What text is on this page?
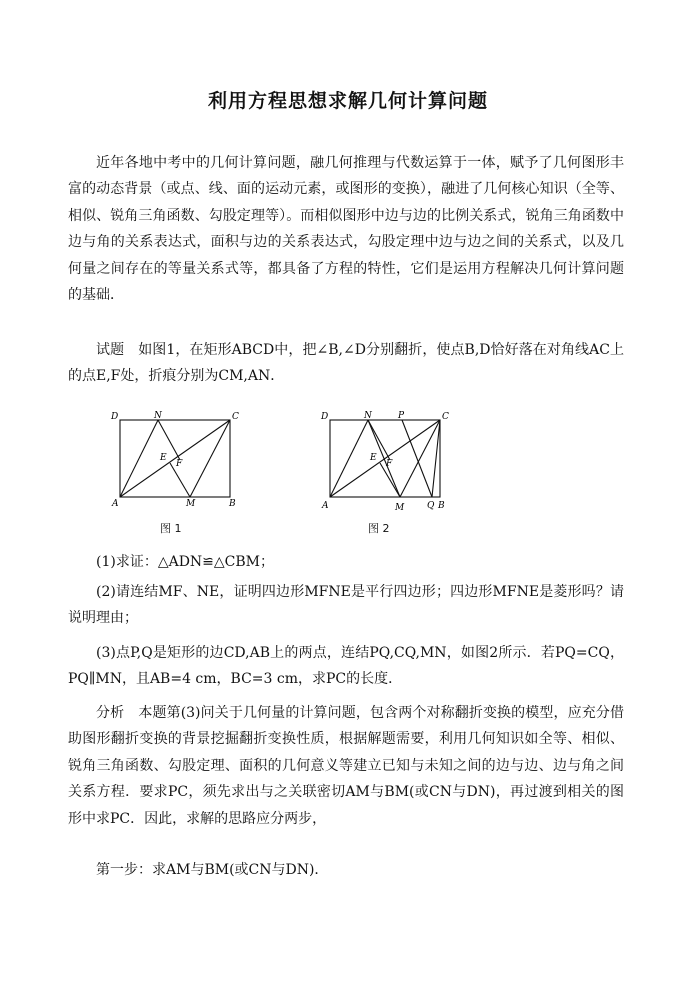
利用方程思想求解几何计算问题
近年各地中考中的几何计算问题，融几何推理与代数运算于一体，赋予了几何图形丰富的动态背景（或点、线、面的运动元素，或图形的变换），融进了几何核心知识（全等、相似、锐角三角函数、勾股定理等）。而相似图形中边与边的比例关系式，锐角三角函数中边与角的关系表达式，面积与边的关系表达式，勾股定理中边与边之间的关系式，以及几何量之间存在的等量关系式等，都具备了方程的特性，它们是运用方程解决几何计算问题的基础．
试题　如图1，在矩形ABCD中，把∠B,∠D分别翻折，使点B,D恰好落在对角线AC上的点E,F处，折痕分别为CM,AN．
D	N	C
E
F
A	M	B
图 1
D	N	P	C
E
F
A	M	Q B
图 2
(1)求证：△ADN≌△CBM；
(2)请连结MF、NE，证明四边形MFNE是平行四边形；四边形MFNE是菱形吗？请说明理由；
(3)点P,Q是矩形的边CD,AB上的两点，连结PQ,CQ,MN，如图2所示．若PQ=CQ，PQ∥MN，且AB=4 cm，BC=3 cm，求PC的长度．
分析　本题第(3)问关于几何量的计算问题，包含两个对称翻折变换的模型，应充分借助图形翻折变换的背景挖掘翻折变换性质，根据解题需要，利用几何知识如全等、相似、锐角三角函数、勾股定理、面积的几何意义等建立已知与未知之间的边与边、边与角之间关系方程．要求PC，须先求出与之关联密切AM与BM(或CN与DN)，再过渡到相关的图形中求PC．因此，求解的思路应分两步，
第一步：求AM与BM(或CN与DN)．
